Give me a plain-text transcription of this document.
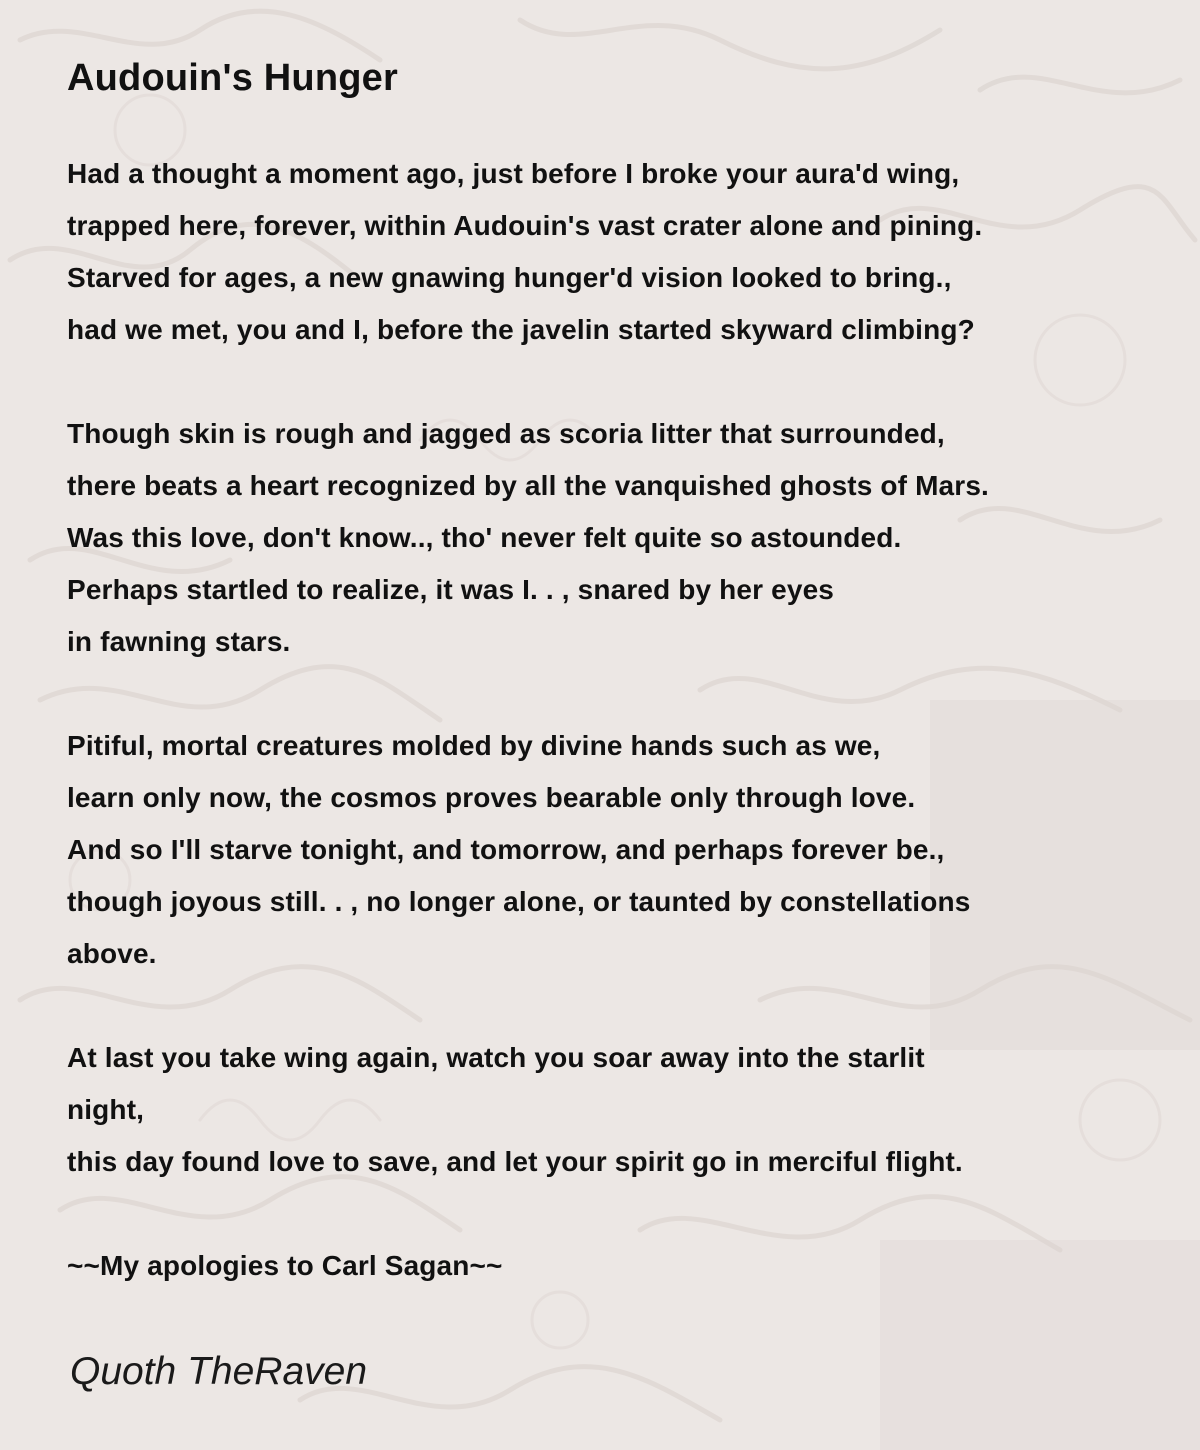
Audouin's Hunger
Had a thought a moment ago, just before I broke your aura'd wing,
trapped here, forever, within Audouin's vast crater alone and pining.
Starved for ages, a new gnawing hunger'd vision looked to bring.,
had we met, you and I, before the javelin started skyward climbing?
Though skin is rough and jagged as scoria litter that surrounded,
there beats a heart recognized by all the vanquished ghosts of Mars.
Was this love, don't know.., tho' never felt quite so astounded.
Perhaps startled to realize, it was I. . , snared by her eyes
in fawning stars.
Pitiful, mortal creatures molded by divine hands such as we,
learn only now, the cosmos proves bearable only through love.
And so I'll starve tonight, and tomorrow, and perhaps forever be.,
though joyous still. . , no longer alone, or taunted by constellations
above.
At last you take wing again, watch you soar away into the starlit
night,
this day found love to save, and let your spirit go in merciful flight.
~~My apologies to Carl Sagan~~

Quoth TheRaven
